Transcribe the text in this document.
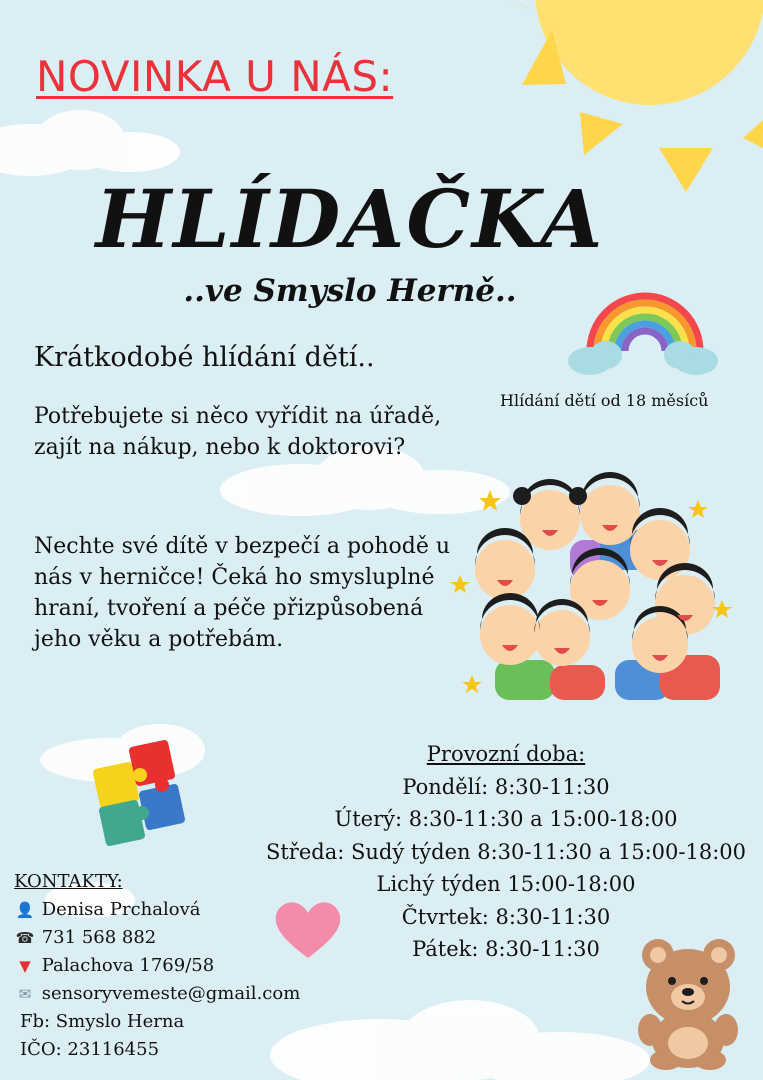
NOVINKA U NÁS:
HLÍDAČKA
..ve Smyslo Herně..
Krátkodobé hlídání dětí..
Hlídání dětí od 18 měsíců
Potřebujete si něco vyřídit na úřadě, zajít na nákup, nebo k doktorovi?
Nechte své dítě v bezpečí a pohodě u nás v herničce! Čeká ho smysluplné hraní, tvoření a péče přizpůsobená jeho věku a potřebám.
Provozní doba:
Pondělí: 8:30-11:30
Úterý: 8:30-11:30 a 15:00-18:00
Středa: Sudý týden 8:30-11:30 a 15:00-18:00
Lichý týden 15:00-18:00
Čtvrtek: 8:30-11:30
Pátek: 8:30-11:30
KONTAKTY:
👤 Denisa Prchalová
☎ 731 568 882
▼ Palachova 1769/58
✉ sensoryvemeste@gmail.com
Fb: Smyslo Herna
IČO: 23116455
